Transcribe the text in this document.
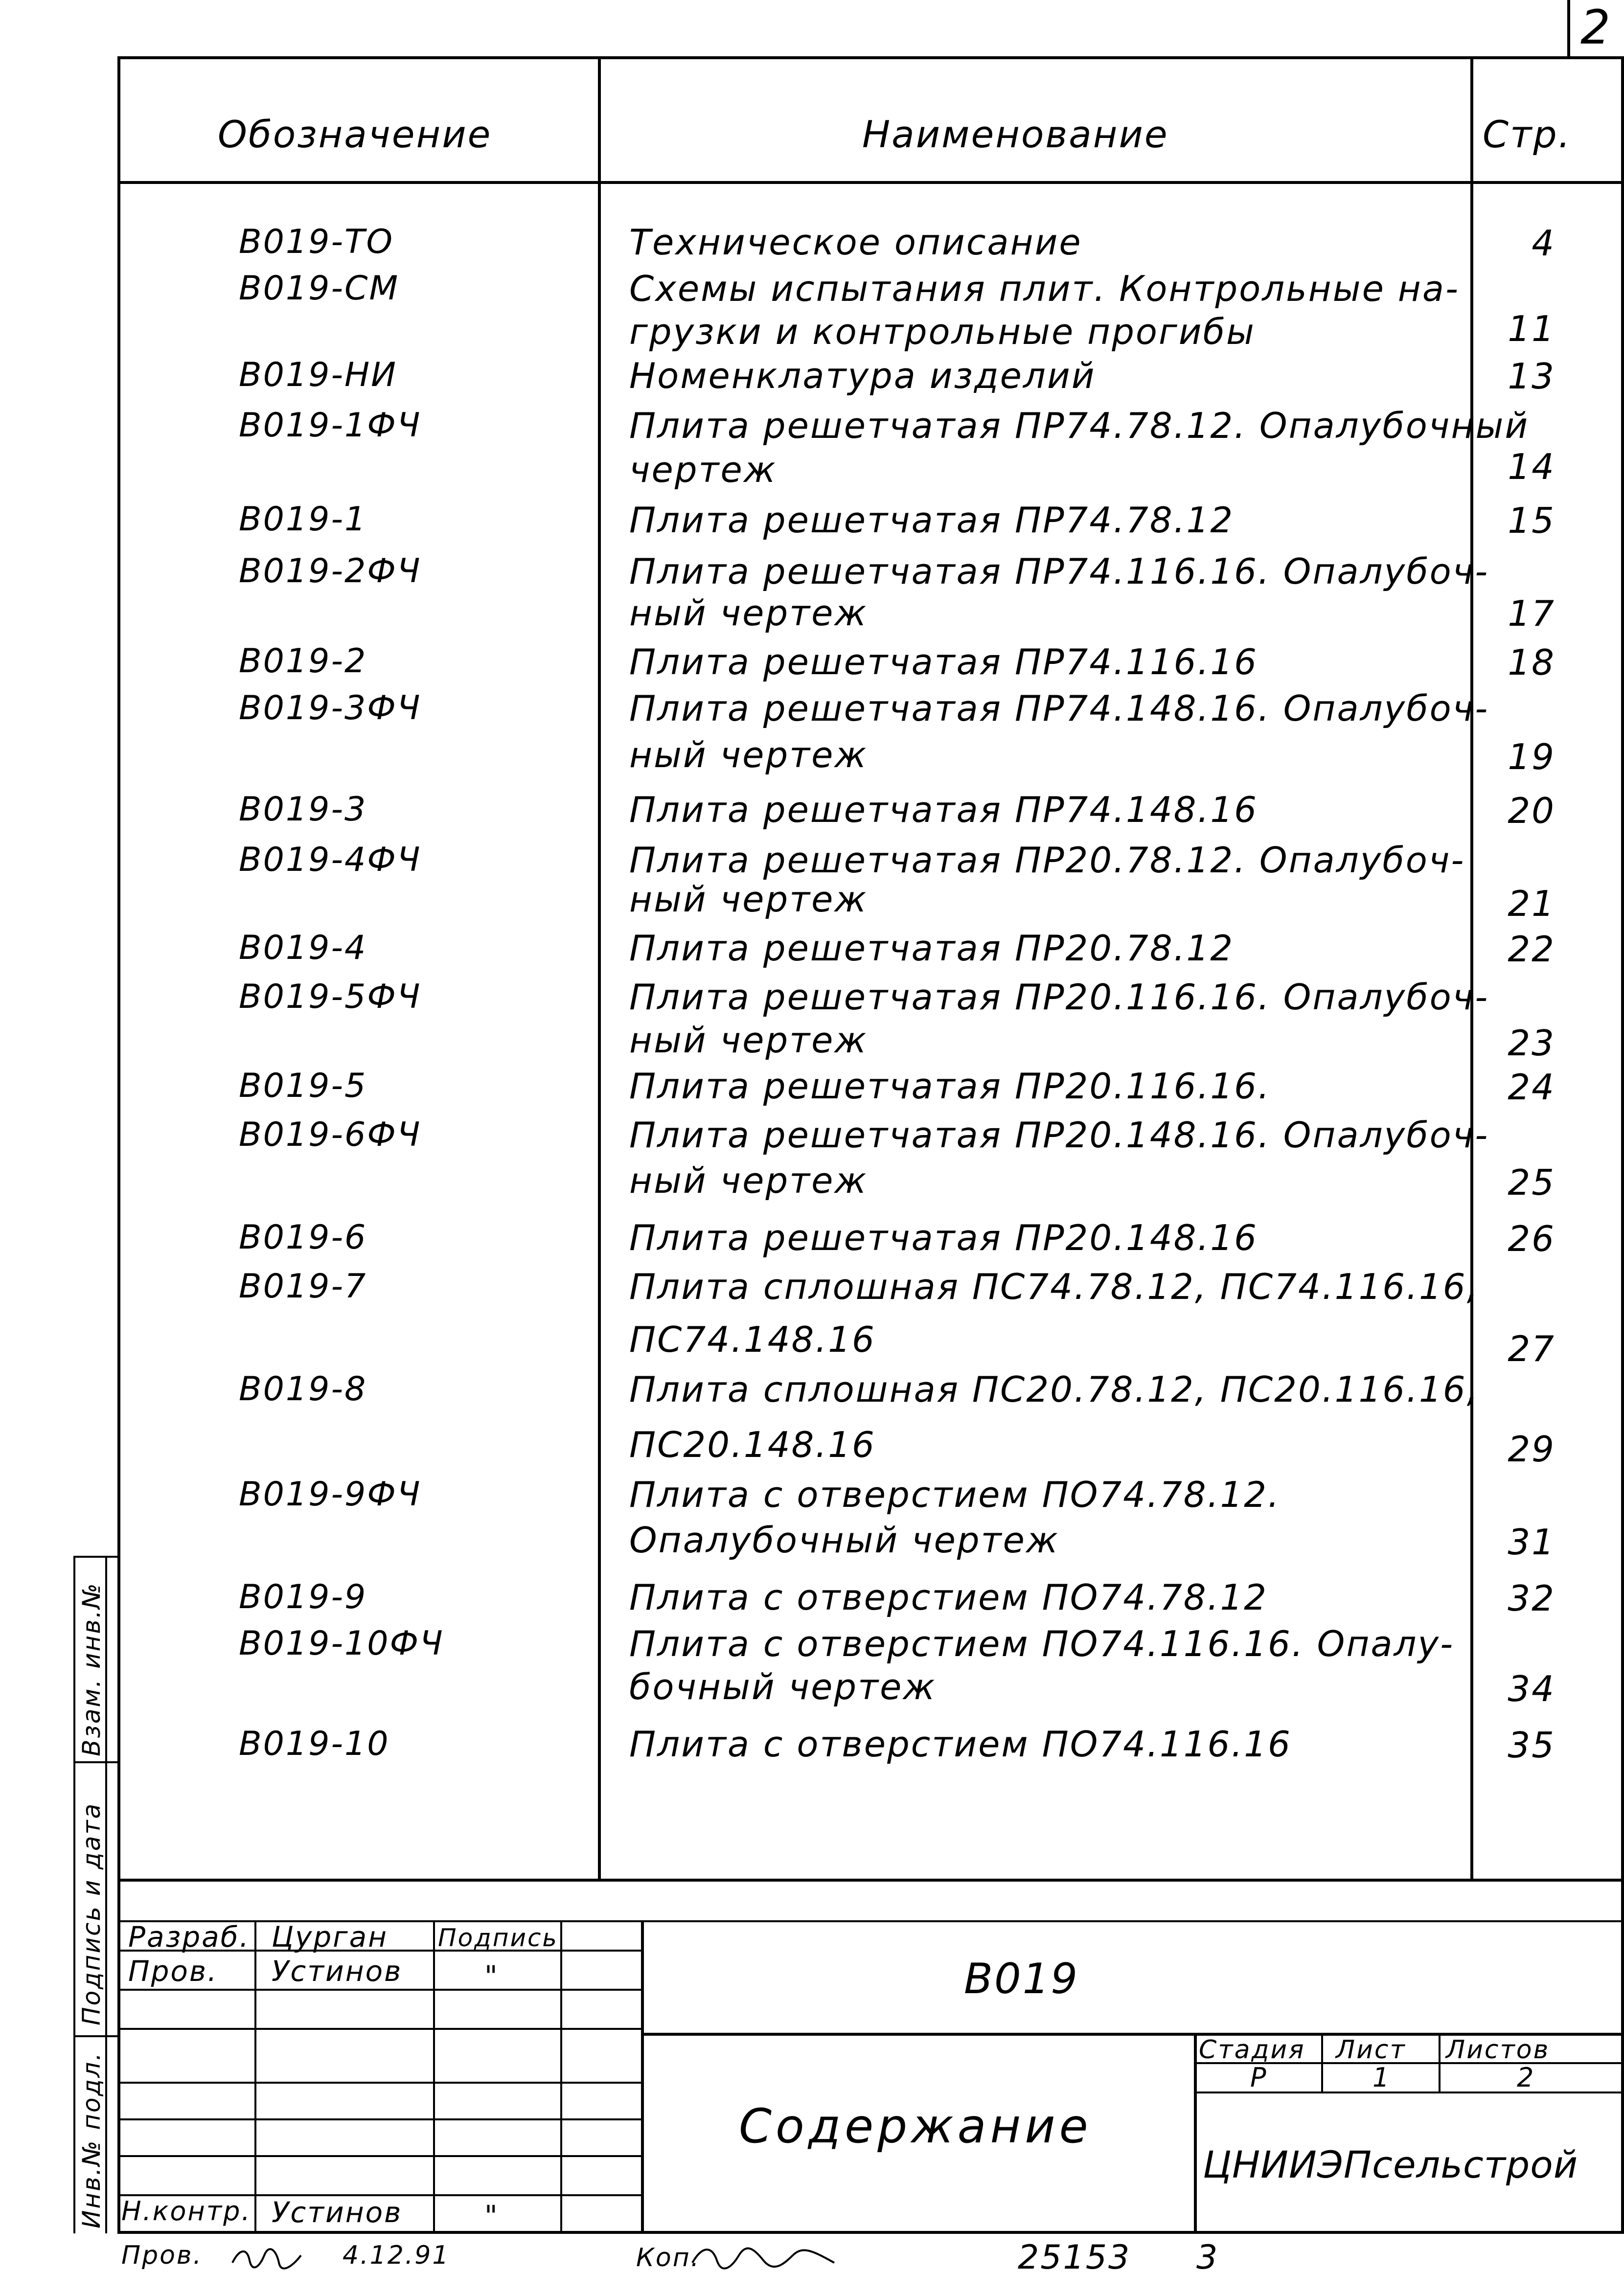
2
Обозначение	Наименование	Стр.
В019-ТО	Техническое описание	4
В019-СМ	Схемы испытания плит. Контрольные на-
грузки и контрольные прогибы	11
В019-НИ	Номенклатура изделий	13
В019-1ФЧ	Плита решетчатая ПР74.78.12. Опалубочный
чертеж	14
В019-1	Плита решетчатая ПР74.78.12	15
В019-2ФЧ	Плита решетчатая ПР74.116.16. Опалубоч-
ный чертеж	17
В019-2	Плита решетчатая ПР74.116.16	18
В019-3ФЧ	Плита решетчатая ПР74.148.16. Опалубоч-
ный чертеж	19
В019-3	Плита решетчатая ПР74.148.16	20
В019-4ФЧ	Плита решетчатая ПР20.78.12. Опалубоч-
ный чертеж	21
В019-4	Плита решетчатая ПР20.78.12	22
В019-5ФЧ	Плита решетчатая ПР20.116.16. Опалубоч-
ный чертеж	23
В019-5	Плита решетчатая ПР20.116.16.	24
В019-6ФЧ	Плита решетчатая ПР20.148.16. Опалубоч-
ный чертеж	25
В019-6	Плита решетчатая ПР20.148.16	26
В019-7	Плита сплошная ПС74.78.12, ПС74.116.16,
ПС74.148.16	27
В019-8	Плита сплошная ПС20.78.12, ПС20.116.16,
ПС20.148.16	29
В019-9ФЧ	Плита с отверстием ПО74.78.12.
Опалубочный чертеж	31
В019-9	Плита с отверстием ПО74.78.12	32
В019-10ФЧ	Плита с отверстием ПО74.116.16. Опалу-
бочный чертеж	34
В019-10	Плита с отверстием ПО74.116.16	35
Взам. инв.№
Подпись и дата
Инв.№ подл.
Разраб. Цурган Подпись
Пров. Устинов	"
Н.контр. Устинов	"
В019
Содержание
Стадия Лист Листов
Р	1	2
ЦНИИЭПсельстрой
Пров.	4.12.91	Коп.	25153 3
